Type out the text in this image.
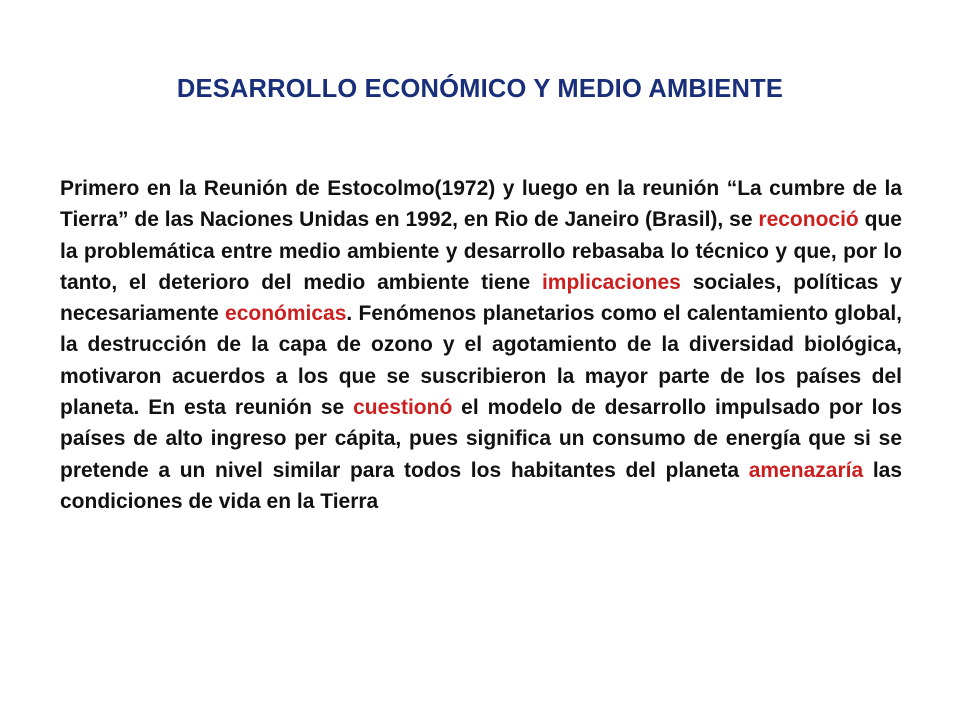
DESARROLLO ECONÓMICO Y MEDIO AMBIENTE

Primero en la Reunión de Estocolmo(1972) y luego en la reunión “La cumbre de la Tierra” de las Naciones Unidas en 1992, en Rio de Janeiro (Brasil), se reconoció que la problemática entre medio ambiente y desarrollo rebasaba lo técnico y que, por lo tanto, el deterioro del medio ambiente tiene implicaciones sociales, políticas y necesariamente económicas. Fenómenos planetarios como el calentamiento global, la destrucción de la capa de ozono y el agotamiento de la diversidad biológica, motivaron acuerdos a los que se suscribieron la mayor parte de los países del planeta. En esta reunión se cuestionó el modelo de desarrollo impulsado por los países de alto ingreso per cápita, pues significa un consumo de energía que si se pretende a un nivel similar para todos los habitantes del planeta amenazaría las condiciones de vida en la Tierra
